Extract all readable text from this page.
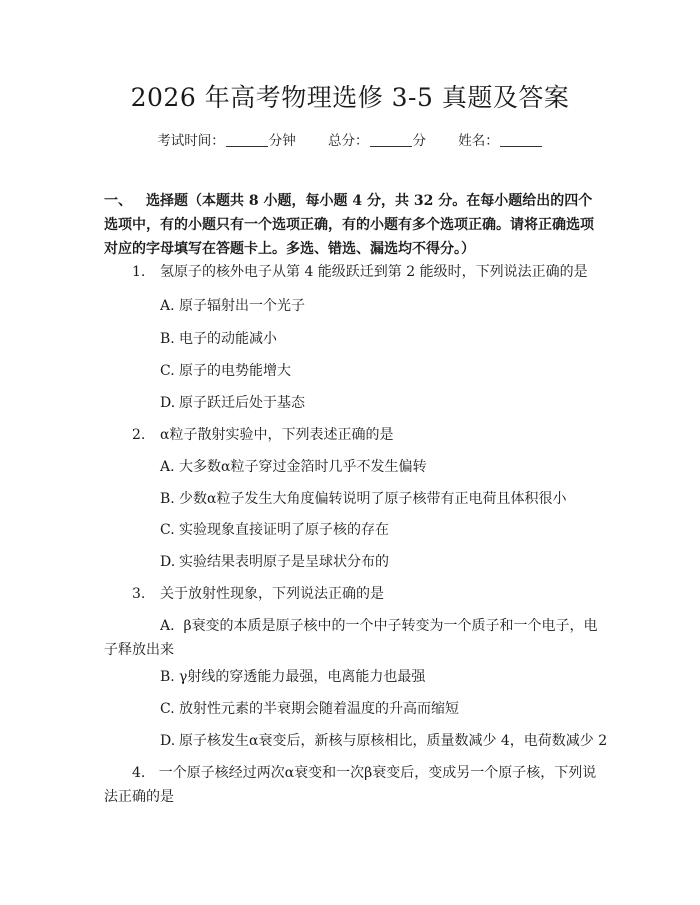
2026 年高考物理选修 3-5 真题及答案
考试时间：	分钟 总分：	分 姓名：
一、 选择题（本题共 8 小题，每小题 4 分，共 32 分。在每小题给出的四个选项中，有的小题只有一个选项正确，有的小题有多个选项正确。请将正确选项对应的字母填写在答题卡上。多选、错选、漏选均不得分。）
1. 氢原子的核外电子从第 4 能级跃迁到第 2 能级时，下列说法正确的是
A. 原子辐射出一个光子
B. 电子的动能减小
C. 原子的电势能增大
D. 原子跃迁后处于基态
2. α粒子散射实验中，下列表述正确的是
A. 大多数α粒子穿过金箔时几乎不发生偏转
B. 少数α粒子发生大角度偏转说明了原子核带有正电荷且体积很小
C. 实验现象直接证明了原子核的存在
D. 实验结果表明原子是呈球状分布的
3. 关于放射性现象，下列说法正确的是
A. β衰变的本质是原子核中的一个中子转变为一个质子和一个电子，电子释放出来
B. γ射线的穿透能力最强，电离能力也最强
C. 放射性元素的半衰期会随着温度的升高而缩短
D. 原子核发生α衰变后，新核与原核相比，质量数减少 4，电荷数减少 2
4. 一个原子核经过两次α衰变和一次β衰变后，变成另一个原子核，下列说法正确的是
